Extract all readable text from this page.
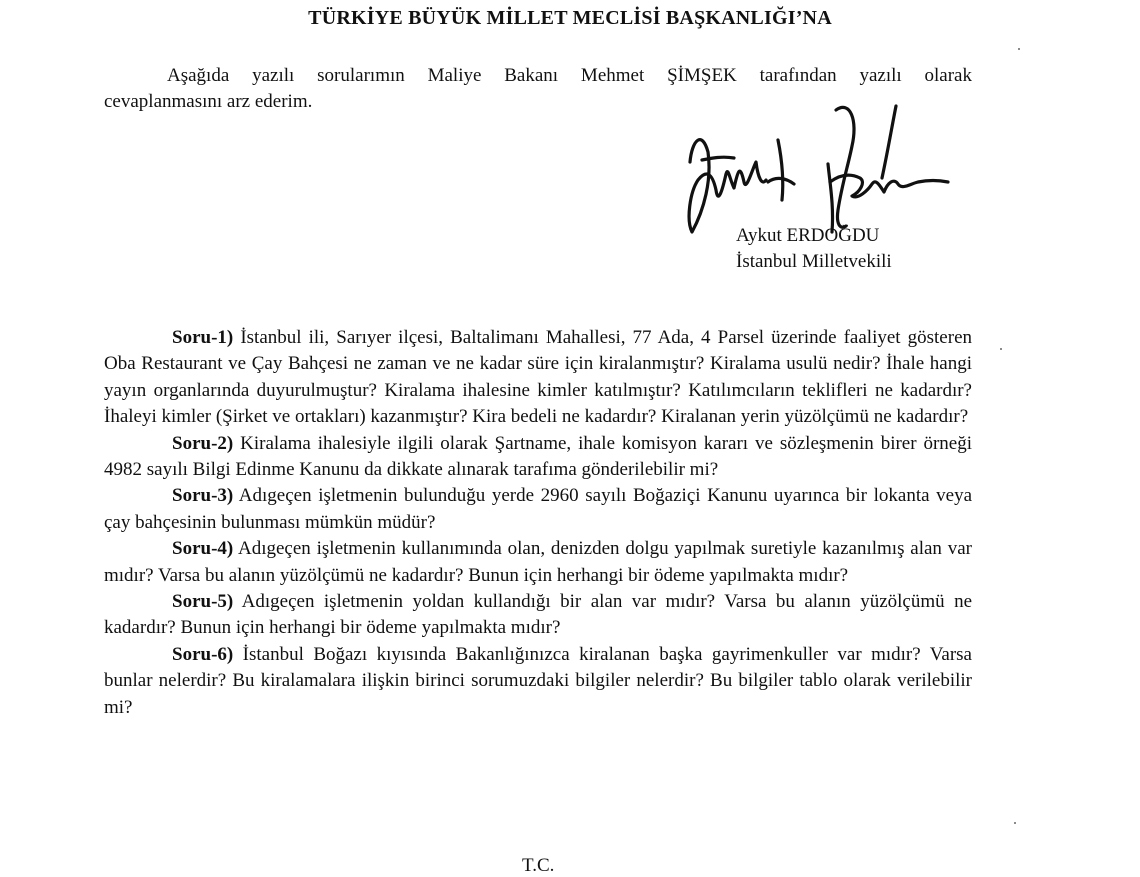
TÜRKİYE BÜYÜK MİLLET MECLİSİ BAŞKANLIĞI’NA
Aşağıda yazılı sorularımın Maliye Bakanı Mehmet ŞİMŞEK tarafından yazılı olarak
cevaplanmasını arz ederim.
Aykut ERDOĞDU
İstanbul Milletvekili

Soru-1) İstanbul ili, Sarıyer ilçesi, Baltalimanı Mahallesi, 77 Ada, 4 Parsel üzerinde faaliyet gösteren Oba Restaurant ve Çay Bahçesi ne zaman ve ne kadar süre için kiralanmıştır? Kiralama usulü nedir? İhale hangi yayın organlarında duyurulmuştur? Kiralama ihalesine kimler katılmıştır? Katılımcıların teklifleri ne kadardır? İhaleyi kimler (Şirket ve ortakları) kazanmıştır? Kira bedeli ne kadardır? Kiralanan yerin yüzölçümü ne kadardır?

Soru-2) Kiralama ihalesiyle ilgili olarak Şartname, ihale komisyon kararı ve sözleşmenin birer örneği 4982 sayılı Bilgi Edinme Kanunu da dikkate alınarak tarafıma gönderilebilir mi?

Soru-3) Adıgeçen işletmenin bulunduğu yerde 2960 sayılı Boğaziçi Kanunu uyarınca bir lokanta veya çay bahçesinin bulunması mümkün müdür?

Soru-4) Adıgeçen işletmenin kullanımında olan, denizden dolgu yapılmak suretiyle kazanılmış alan var mıdır? Varsa bu alanın yüzölçümü ne kadardır? Bunun için herhangi bir ödeme yapılmakta mıdır?

Soru-5) Adıgeçen işletmenin yoldan kullandığı bir alan var mıdır? Varsa bu alanın yüzölçümü ne kadardır? Bunun için herhangi bir ödeme yapılmakta mıdır?

Soru-6) İstanbul Boğazı kıyısında Bakanlığınızca kiralanan başka gayrimenkuller var mıdır? Varsa bunlar nelerdir? Bu kiralamalara ilişkin birinci sorumuzdaki bilgiler nelerdir? Bu bilgiler tablo olarak verilebilir mi?

T.C.
